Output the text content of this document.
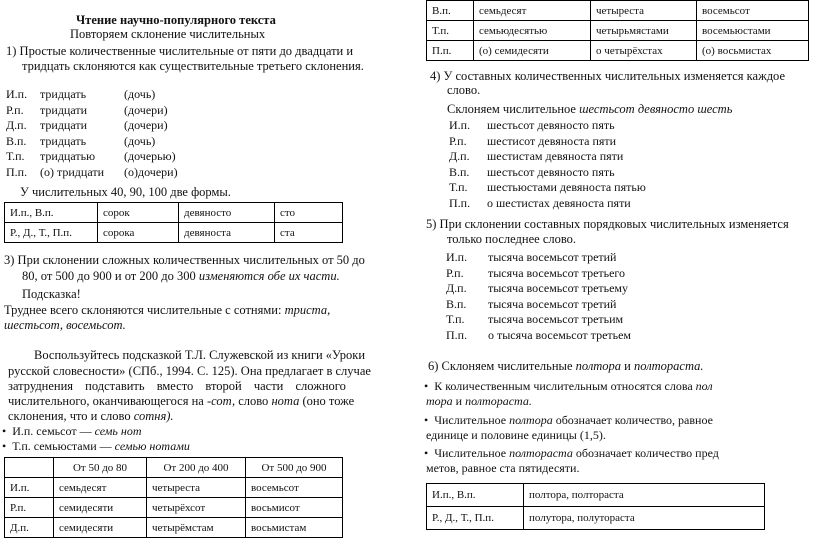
Чтение научно-популярного текста
Повторяем склонение числительных
1) Простые количественные числительные от пяти до двадцати и
тридцать склоняются как существительные третьего склонения.
И.п.	тридцать	(дочь)
Р.п.	тридцати	(дочери)
Д.п.	тридцати	(дочери)
В.п.	тридцать	(дочь)
Т.п.	тридцатью	(дочерью)
П.п.	(о) тридцати	(о)дочери)
У числительных 40, 90, 100 две формы.
И.п., В.п.	сорок	девяносто	сто
Р., Д., Т., П.п.	сорока	девяноста	ста
3) При склонении сложных количественных числительных от 50 до
80, от 500 до 900 и от 200 до 300 изменяются обе их части.
Подсказка!
Труднее всего склоняются числительные с сотнями: триста,
шестьсот, восемьсот.
Воспользуйтесь подсказкой Т.Л. Служевской из книги «Уроки
русской словесности» (СПб., 1994. С. 125). Она предлагает в случае
затруднения подставить вместо второй части сложного
числительного, оканчивающегося на -сот, слово нота (оно тоже
склонения, что и слово сотня).
•  И.п. семьсот — семь нот
•  Т.п. семьюстами — семью нотами
	От 50 до 80	От 200 до 400	От 500 до 900
И.п.	семьдесят	четыреста	восемьсот
Р.п.	семидесяти	четырёхсот	восьмисот
Д.п.	семидесяти	четырёмстам	восьмистам
В.п.	семьдесят	четыреста	восемьсот
Т.п.	семьюдесятью	четырьмястами	восемьюстами
П.п.	(о) семидесяти	о четырёхстах	(о) восьмистах
4) У составных количественных числительных изменяется каждое
слово.
Склоняем числительное шестьсот девяносто шесть
И.п.	шестьсот девяносто пять
Р.п.	шестисот девяноста пяти
Д.п.	шестистам девяноста пяти
В.п.	шестьсот девяносто пять
Т.п.	шестьюстами девяноста пятью
П.п.	о шестистах девяноста пяти
5) При склонении составных порядковых числительных изменяется
только последнее слово.
И.п.	тысяча восемьсот третий
Р.п.	тысяча восемьсот третьего
Д.п.	тысяча восемьсот третьему
В.п.	тысяча восемьсот третий
Т.п.	тысяча восемьсот третьим
П.п.	о тысяча восемьсот третьем
6) Склоняем числительные полтора и полтораста.
•  К количественным числительным относятся слова пол
тора и полтораста.
•  Числительное полтора обозначает количество, равное
единице и половине единицы (1,5).
•  Числительное полтораста обозначает количество пред
метов, равное ста пятидесяти.
И.п., В.п.	полтора, полтораста
Р., Д., Т., П.п.	полутора, полутораста
